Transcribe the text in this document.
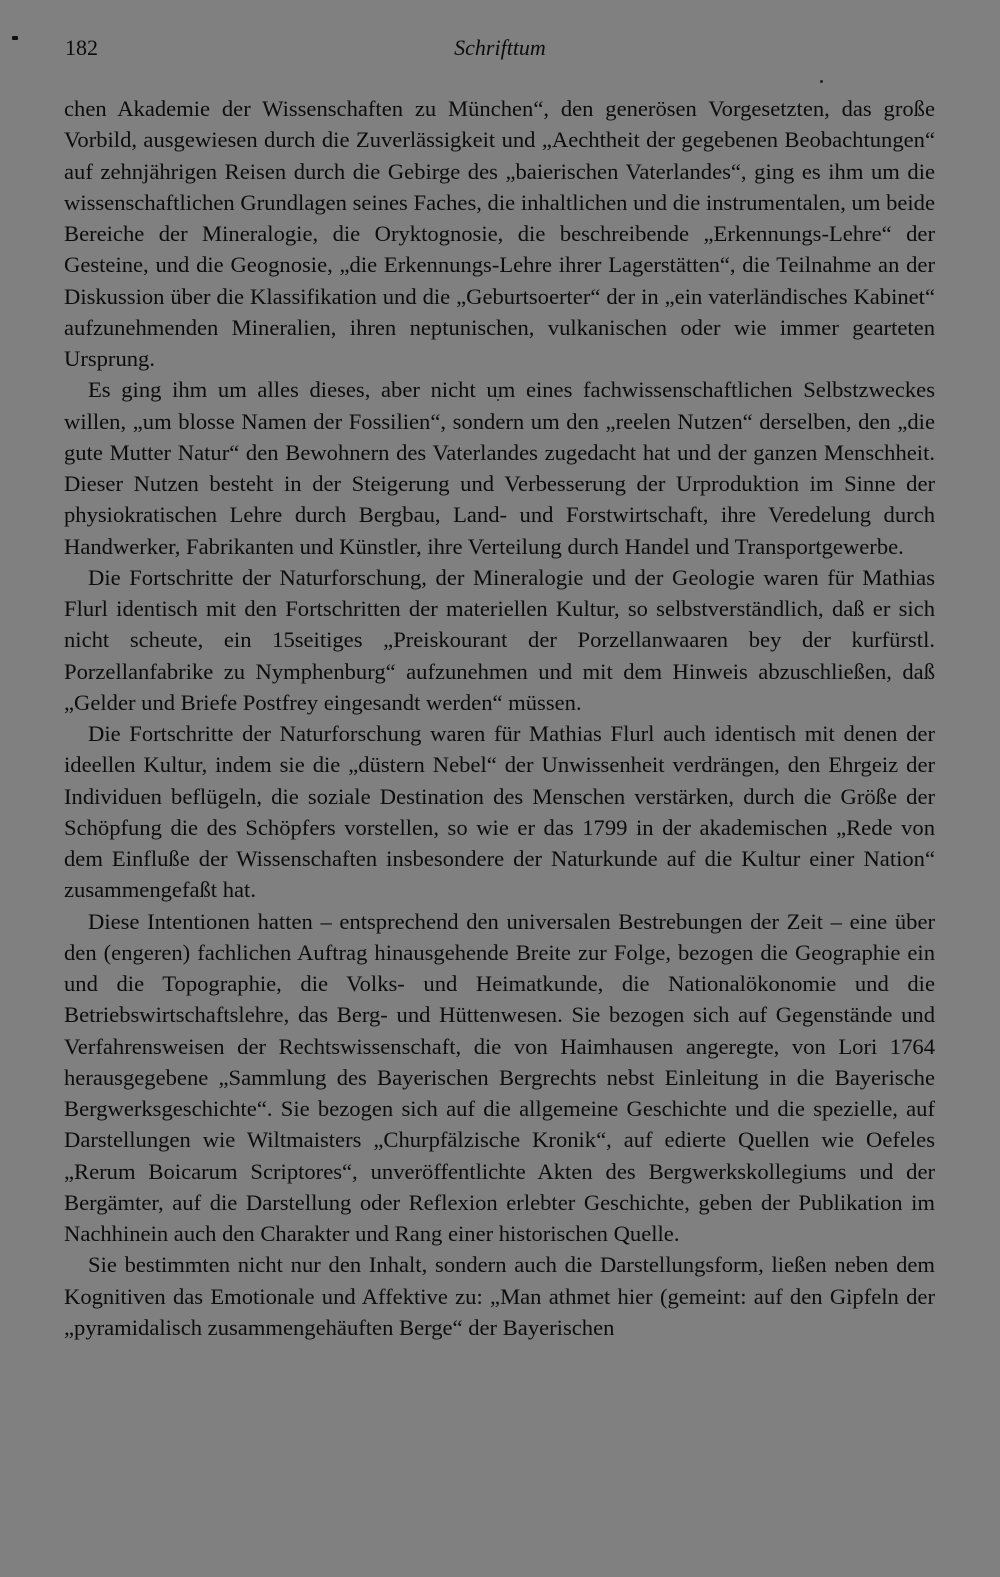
182	Schrifttum

chen Akademie der Wissenschaften zu München“, den generösen Vorgesetzten, das große Vorbild, ausgewiesen durch die Zuverlässigkeit und „Aechtheit der gegebenen Beobachtungen“ auf zehnjährigen Reisen durch die Gebirge des „baierischen Vaterlandes“, ging es ihm um die wissenschaftlichen Grundlagen seines Faches, die inhaltlichen und die instrumentalen, um beide Bereiche der Mineralogie, die Oryktognosie, die beschreibende „Erkennungs-Lehre“ der Gesteine, und die Geognosie, „die Erkennungs-Lehre ihrer Lagerstätten“, die Teilnahme an der Diskussion über die Klassifikation und die „Geburtsoerter“ der in „ein vaterländisches Kabinet“ aufzunehmenden Mineralien, ihren neptunischen, vulkanischen oder wie immer gearteten Ursprung.

Es ging ihm um alles dieses, aber nicht um eines fachwissenschaftlichen Selbstzweckes willen, „um blosse Namen der Fossilien“, sondern um den „reelen Nutzen“ derselben, den „die gute Mutter Natur“ den Bewohnern des Vaterlandes zugedacht hat und der ganzen Menschheit. Dieser Nutzen besteht in der Steigerung und Verbesserung der Urproduktion im Sinne der physiokratischen Lehre durch Bergbau, Land- und Forstwirtschaft, ihre Veredelung durch Handwerker, Fabrikanten und Künstler, ihre Verteilung durch Handel und Transportgewerbe.

Die Fortschritte der Naturforschung, der Mineralogie und der Geologie waren für Mathias Flurl identisch mit den Fortschritten der materiellen Kultur, so selbstverständlich, daß er sich nicht scheute, ein 15seitiges „Preiskourant der Porzellanwaaren bey der kurfürstl. Porzellanfabrike zu Nymphenburg“ aufzunehmen und mit dem Hinweis abzuschließen, daß „Gelder und Briefe Postfrey eingesandt werden“ müssen.

Die Fortschritte der Naturforschung waren für Mathias Flurl auch identisch mit denen der ideellen Kultur, indem sie die „düstern Nebel“ der Unwissenheit verdrängen, den Ehrgeiz der Individuen beflügeln, die soziale Destination des Menschen verstärken, durch die Größe der Schöpfung die des Schöpfers vorstellen, so wie er das 1799 in der akademischen „Rede von dem Einfluße der Wissenschaften insbesondere der Naturkunde auf die Kultur einer Nation“ zusammengefaßt hat.

Diese Intentionen hatten – entsprechend den universalen Bestrebungen der Zeit – eine über den (engeren) fachlichen Auftrag hinausgehende Breite zur Folge, bezogen die Geographie ein und die Topographie, die Volks- und Heimatkunde, die Nationalökonomie und die Betriebswirtschaftslehre, das Berg- und Hüttenwesen. Sie bezogen sich auf Gegenstände und Verfahrensweisen der Rechtswissenschaft, die von Haimhausen angeregte, von Lori 1764 herausgegebene „Sammlung des Bayerischen Bergrechts nebst Einleitung in die Bayerische Bergwerksgeschichte“. Sie bezogen sich auf die allgemeine Geschichte und die spezielle, auf Darstellungen wie Wiltmaisters „Churpfälzische Kronik“, auf edierte Quellen wie Oefeles „Rerum Boicarum Scriptores“, unveröffentlichte Akten des Bergwerkskollegiums und der Bergämter, auf die Darstellung oder Reflexion erlebter Geschichte, geben der Publikation im Nachhinein auch den Charakter und Rang einer historischen Quelle.

Sie bestimmten nicht nur den Inhalt, sondern auch die Darstellungsform, ließen neben dem Kognitiven das Emotionale und Affektive zu: „Man athmet hier (gemeint: auf den Gipfeln der „pyramidalisch zusammengehäuften Berge“ der Bayerischen
